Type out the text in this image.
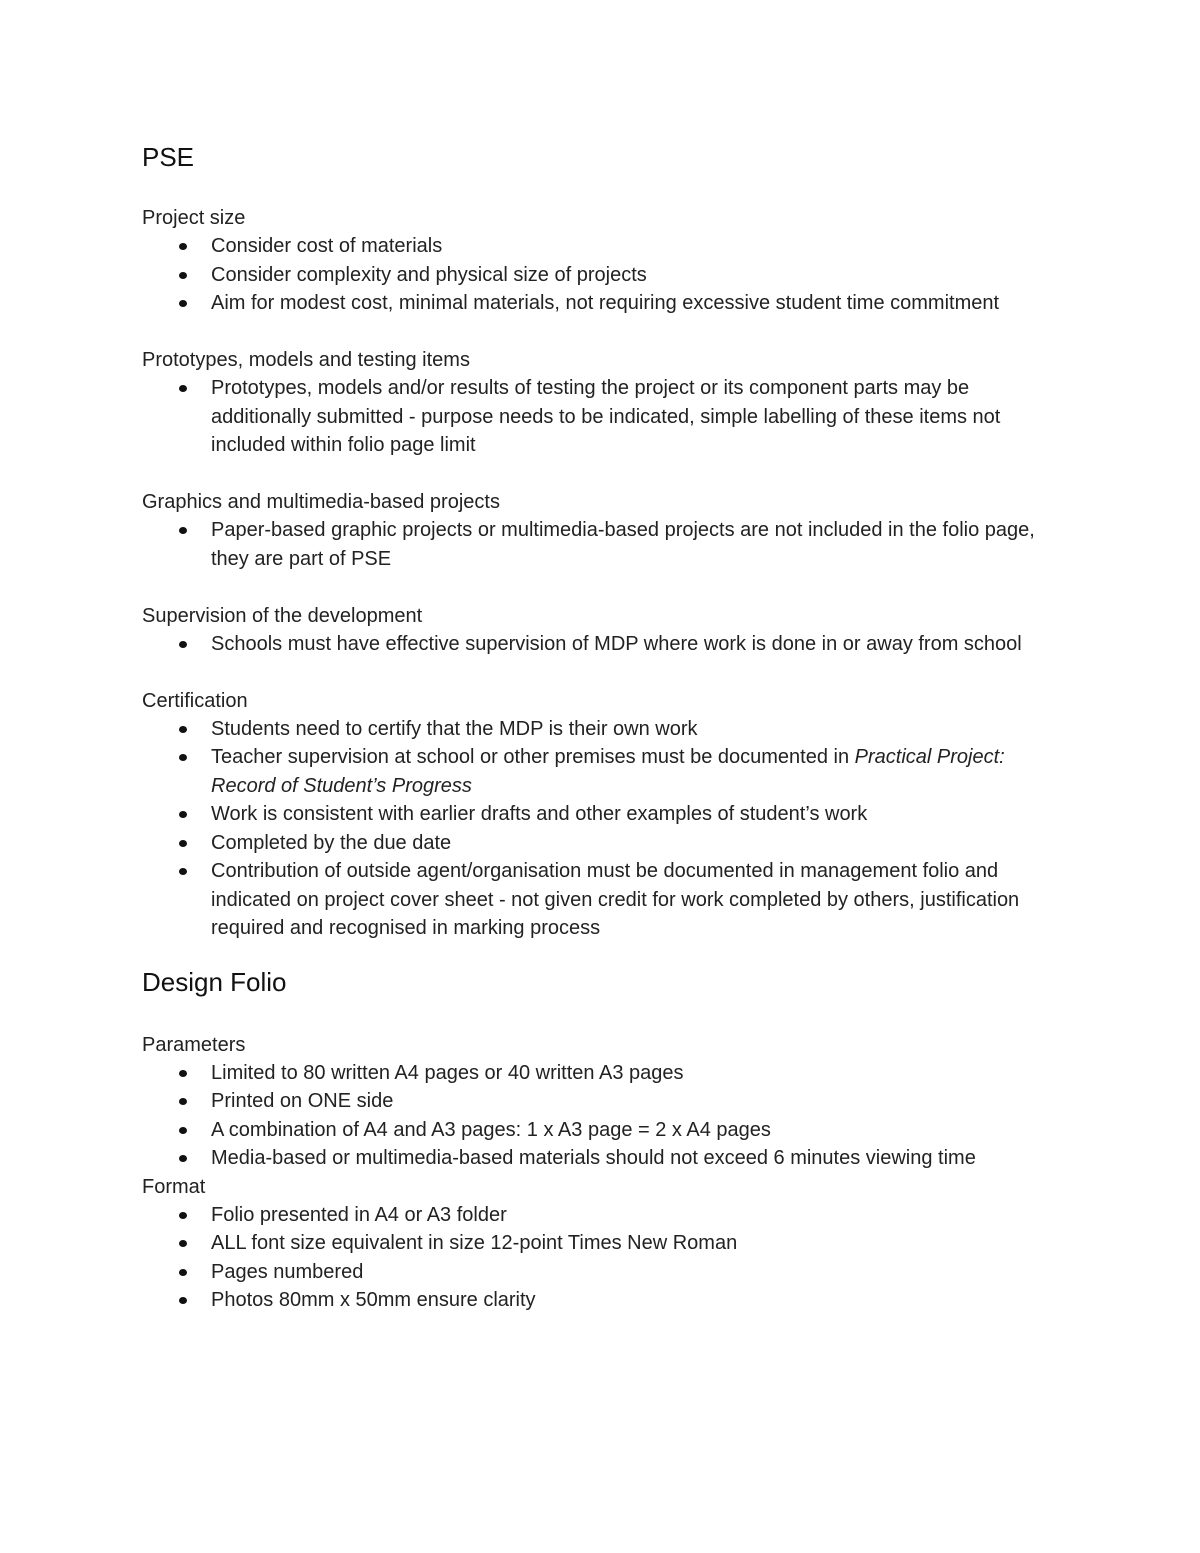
PSE

Project size

Consider cost of materials
Consider complexity and physical size of projects
Aim for modest cost, minimal materials, not requiring excessive student time commitment

Prototypes, models and testing items

Prototypes, models and/or results of testing the project or its component parts may be additionally submitted - purpose needs to be indicated, simple labelling of these items not included within folio page limit

Graphics and multimedia-based projects

Paper-based graphic projects or multimedia-based projects are not included in the folio page, they are part of PSE

Supervision of the development

Schools must have effective supervision of MDP where work is done in or away from school

Certification

Students need to certify that the MDP is their own work
Teacher supervision at school or other premises must be documented in Practical Project: Record of Student’s Progress
Work is consistent with earlier drafts and other examples of student’s work
Completed by the due date
Contribution of outside agent/organisation must be documented in management folio and indicated on project cover sheet - not given credit for work completed by others, justification required and recognised in marking process
Design Folio

Parameters

Limited to 80 written A4 pages or 40 written A3 pages
Printed on ONE side
A combination of A4 and A3 pages: 1 x A3 page = 2 x A4 pages
Media-based or multimedia-based materials should not exceed 6 minutes viewing time

Format

Folio presented in A4 or A3 folder
ALL font size equivalent in size 12-point Times New Roman
Pages numbered
Photos 80mm x 50mm ensure clarity
